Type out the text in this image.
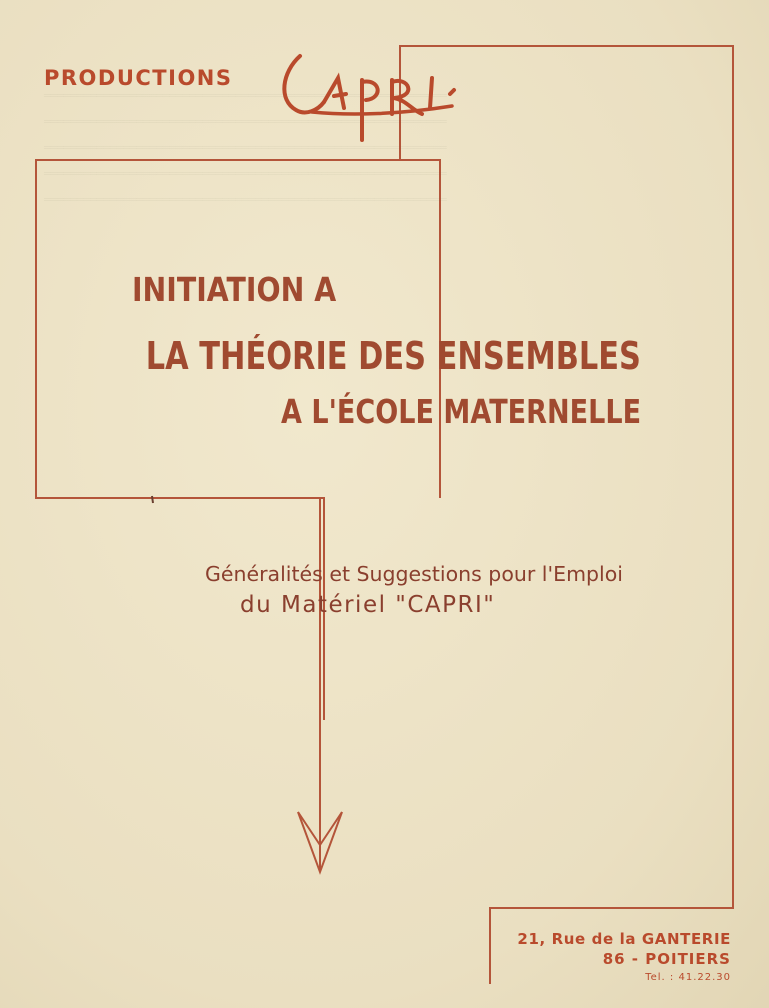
PRODUCTIONS
INITIATION A
LA THÉORIE DES ENSEMBLES
A L'ÉCOLE MATERNELLE
Généralités et Suggestions pour l'Emploi
du Matériel "CAPRI"
21, Rue de la GANTERIE
86 - POITIERS
Tel. : 41.22.30
